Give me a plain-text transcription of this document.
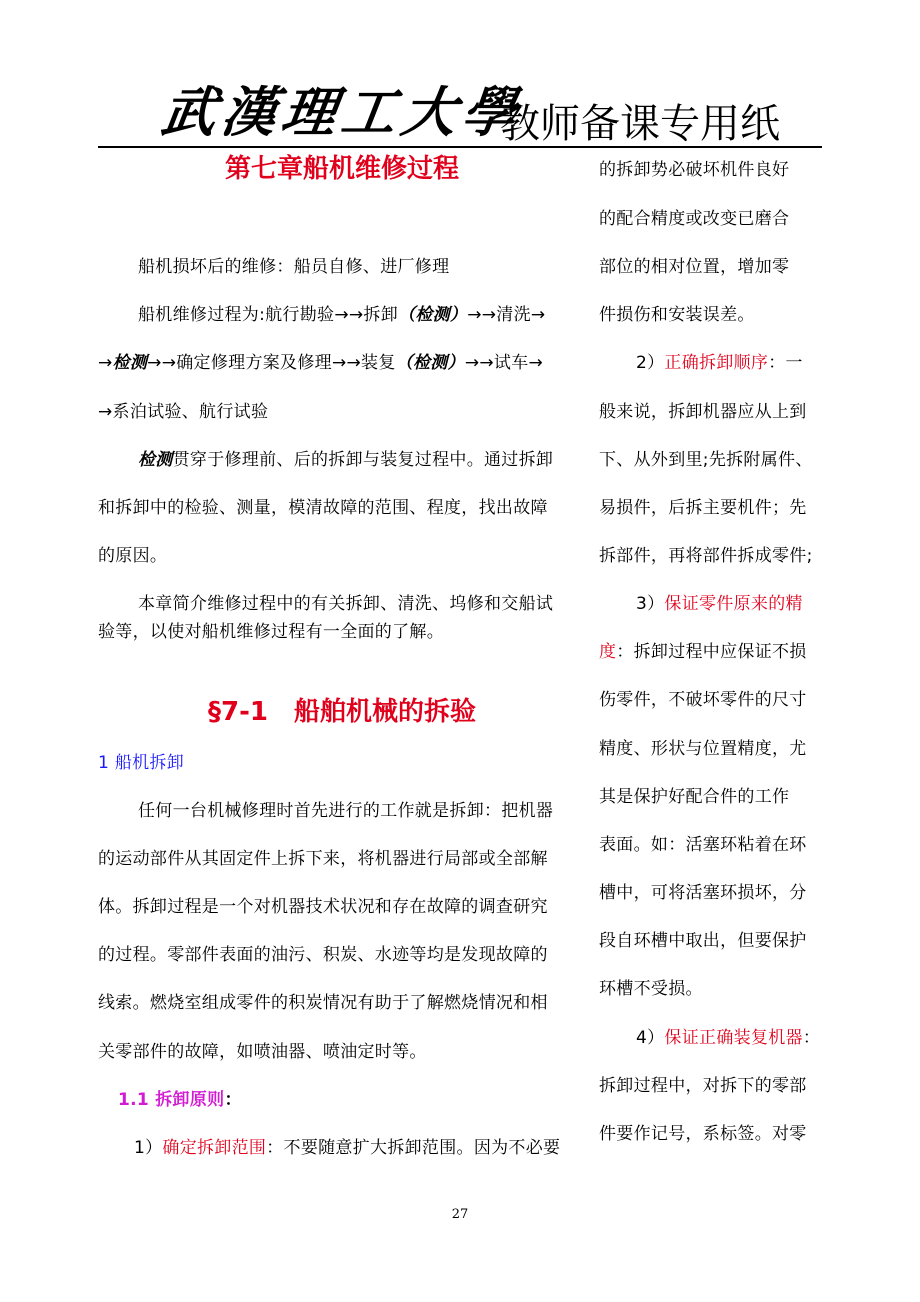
武漢理工大學
教师备课专用纸
第七章船机维修过程
船机损坏后的维修：船员自修、进厂修理
船机维修过程为:航行勘验→→拆卸（检测）→→清洗→
→检测→→确定修理方案及修理→→装复（检测）→→试车→
→系泊试验、航行试验
检测贯穿于修理前、后的拆卸与装复过程中。通过拆卸
和拆卸中的检验、测量，模清故障的范围、程度，找出故障
的原因。
本章简介维修过程中的有关拆卸、清洗、坞修和交船试
验等，以使对船机维修过程有一全面的了解。
§7-1　船舶机械的拆验
1 船机拆卸
任何一台机械修理时首先进行的工作就是拆卸：把机器
的运动部件从其固定件上拆下来，将机器进行局部或全部解
体。拆卸过程是一个对机器技术状况和存在故障的调查研究
的过程。零部件表面的油污、积炭、水迹等均是发现故障的
线索。燃烧室组成零件的积炭情况有助于了解燃烧情况和相
关零部件的故障，如喷油器、喷油定时等。
1.1 拆卸原则：
1）确定拆卸范围：不要随意扩大拆卸范围。因为不必要
的拆卸势必破坏机件良好
的配合精度或改变已磨合
部位的相对位置，增加零
件损伤和安装误差。
2）正确拆卸顺序：一
般来说，拆卸机器应从上到
下、从外到里;先拆附属件、
易损件，后拆主要机件；先
拆部件，再将部件拆成零件;
3）保证零件原来的精
度：拆卸过程中应保证不损
伤零件，不破坏零件的尺寸
精度、形状与位置精度，尤
其是保护好配合件的工作
表面。如：活塞环粘着在环
槽中，可将活塞环损坏，分
段自环槽中取出，但要保护
环槽不受损。
4）保证正确装复机器：
拆卸过程中，对拆下的零部
件要作记号，系标签。对零
27
